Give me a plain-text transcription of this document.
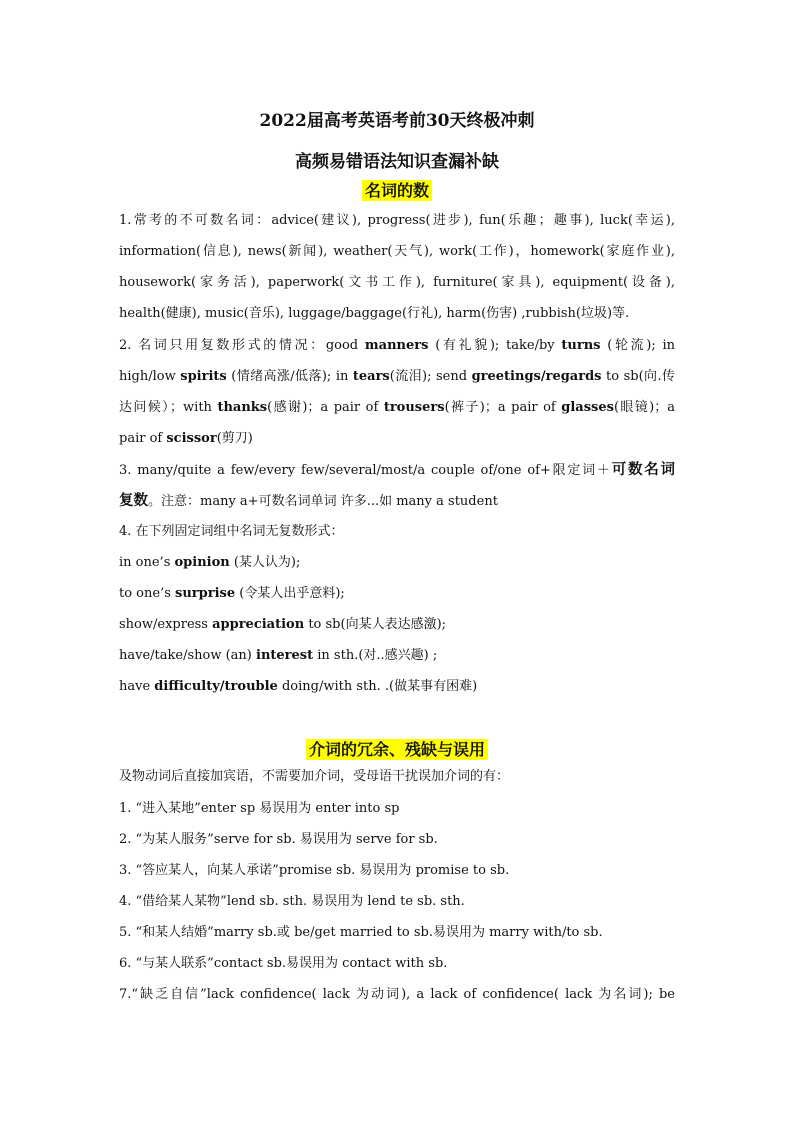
2022届高考英语考前30天终极冲刺
高频易错语法知识查漏补缺
名词的数
1.常考的不可数名词：advice(建议), progress(进步), fun(乐趣；趣事), luck(幸运),
information(信息), news(新闻), weather(天气), work(工作)，homework(家庭作业),
housework(家务活), paperwork(文书工作), furniture(家具), equipment(设备),
health(健康), music(音乐), luggage/baggage(行礼), harm(伤害) ,rubbish(垃圾)等.
2. 名词只用复数形式的情况：good manners (有礼貌); take/by turns (轮流); in
high/low spirits (情绪高涨/低落); in tears(流泪); send greetings/regards to sb(向.传
达问候）；with thanks(感谢)；a pair of trousers(裤子)；a pair of glasses(眼镜)；a
pair of scissor(剪刀)
3. many/quite a few/every few/several/most/a couple of/one of+限定词＋可数名词
复数。注意：many a+可数名词单词 许多...如 many a student
4. 在下列固定词组中名词无复数形式：
in one’s opinion (某人认为);
to one’s surprise (令某人出乎意料);
show/express appreciation to sb(向某人表达感激);
have/take/show (an) interest in sth.(对..感兴趣) ;
have difficulty/trouble doing/with sth. .(做某事有困难)
介词的冗余、残缺与误用
及物动词后直接加宾语，不需要加介词，受母语干扰误加介词的有：
1. “进入某地”enter sp 易误用为 enter into sp
2. “为某人服务”serve for sb. 易误用为 serve for sb.
3. “答应某人，向某人承诺”promise sb. 易误用为 promise to sb.
4. “借给某人某物”lend sb. sth. 易误用为 lend te sb. sth.
5. “和某人结婚”marry sb.或 be/get married to sb.易误用为 marry with/to sb.
6. “与某人联系”contact sb.易误用为 contact with sb.
7.“缺乏自信”lack confidence( lack 为动词), a lack of confidence( lack 为名词); be
